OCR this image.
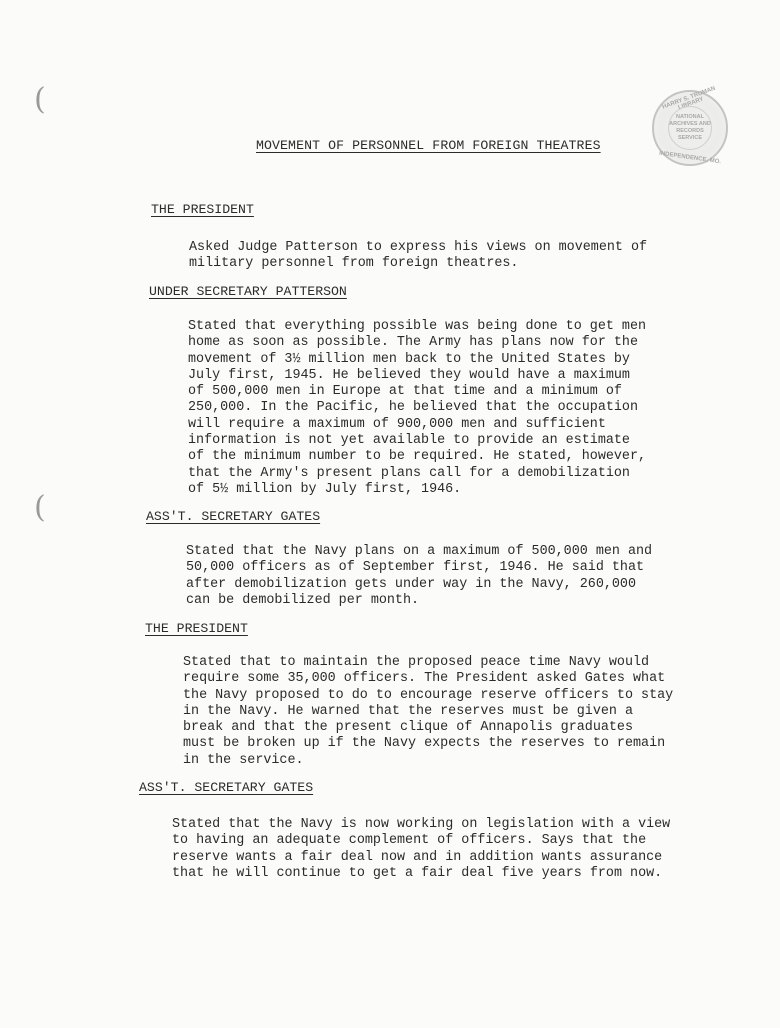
(
(
HARRY S. TRUMAN LIBRARY
NATIONAL
ARCHIVES AND
RECORDS
SERVICE
INDEPENDENCE, MO.
MOVEMENT OF PERSONNEL FROM FOREIGN THEATRES
THE PRESIDENT
Asked Judge Patterson to express his views on movement of
military personnel from foreign theatres.
UNDER SECRETARY PATTERSON
Stated that everything possible was being done to get men
home as soon as possible. The Army has plans now for the
movement of 3½ million men back to the United States by
July first, 1945. He believed they would have a maximum
of 500,000 men in Europe at that time and a minimum of
250,000. In the Pacific, he believed that the occupation
will require a maximum of 900,000 men and sufficient
information is not yet available to provide an estimate
of the minimum number to be required. He stated, however,
that the Army's present plans call for a demobilization
of 5½ million by July first, 1946.
ASS'T. SECRETARY GATES
Stated that the Navy plans on a maximum of 500,000 men and
50,000 officers as of September first, 1946. He said that
after demobilization gets under way in the Navy, 260,000
can be demobilized per month.
THE PRESIDENT
Stated that to maintain the proposed peace time Navy would
require some 35,000 officers. The President asked Gates what
the Navy proposed to do to encourage reserve officers to stay
in the Navy. He warned that the reserves must be given a
break and that the present clique of Annapolis graduates
must be broken up if the Navy expects the reserves to remain
in the service.
ASS'T. SECRETARY GATES
Stated that the Navy is now working on legislation with a view
to having an adequate complement of officers. Says that the
reserve wants a fair deal now and in addition wants assurance
that he will continue to get a fair deal five years from now.
